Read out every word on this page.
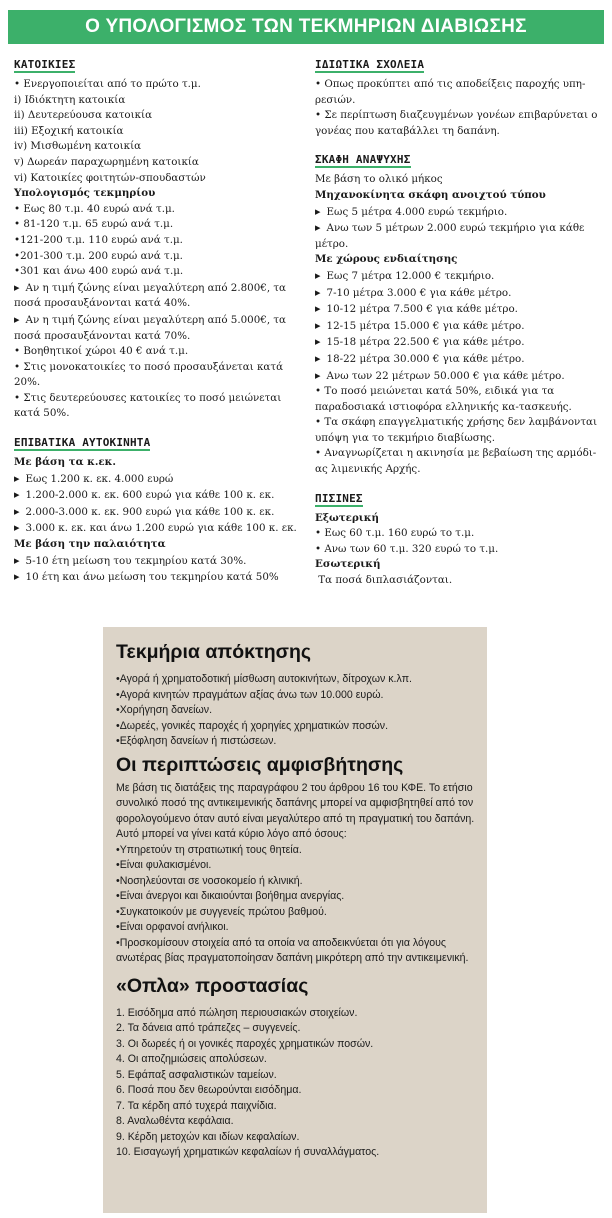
Ο ΥΠΟΛΟΓΙΣΜΟΣ ΤΩΝ ΤΕΚΜΗΡΙΩΝ ΔΙΑΒΙΩΣΗΣ
ΚΑΤΟΙΚΙΕΣ
• Ενεργοποιείται από το πρώτο τ.μ.
i) Ιδιόκτητη κατοικία
ii) Δευτερεύουσα κατοικία
iii) Εξοχική κατοικία
iv) Μισθωμένη κατοικία
v) Δωρεάν παραχωρημένη κατοικία
vi) Κατοικίες φοιτητών-σπουδαστών
Υπολογισμός τεκμηρίου
• Εως 80 τ.μ. 40 ευρώ ανά τ.μ.
• 81-120 τ.μ. 65 ευρώ ανά τ.μ.
•121-200 τ.μ. 110 ευρώ ανά τ.μ.
•201-300 τ.μ. 200 ευρώ ανά τ.μ.
•301 και άνω 400 ευρώ ανά τ.μ.
▸ Αν η τιμή ζώνης είναι μεγαλύτερη από 2.800€, τα ποσά προσαυξάνονται κατά 40%.
▸ Αν η τιμή ζώνης είναι μεγαλύτερη από 5.000€, τα ποσά προσαυξάνονται κατά 70%.
• Βοηθητικοί χώροι 40 € ανά τ.μ.
• Στις μονοκατοικίες το ποσό προσαυξάνεται κατά 20%.
• Στις δευτερεύουσες κατοικίες το ποσό μειώνεται κατά 50%.
ΕΠΙΒΑΤΙΚΑ ΑΥΤΟΚΙΝΗΤΑ
Με βάση τα κ.εκ.
▸ Εως 1.200 κ. εκ. 4.000 ευρώ
▸ 1.200-2.000 κ. εκ. 600 ευρώ για κάθε 100 κ. εκ.
▸ 2.000-3.000 κ. εκ. 900 ευρώ για κάθε 100 κ. εκ.
▸ 3.000 κ. εκ. και άνω 1.200 ευρώ για κάθε 100 κ. εκ.
Με βάση την παλαιότητα
▸ 5-10 έτη μείωση του τεκμηρίου κατά 30%.
▸ 10 έτη και άνω μείωση του τεκμηρίου κατά 50%
ΙΔΙΩΤΙΚΑ ΣΧΟΛΕΙΑ
• Οπως προκύπτει από τις αποδείξεις παροχής υπη-ρεσιών.
• Σε περίπτωση διαζευγμένων γονέων επιβαρύνεται ο γονέας που καταβάλλει τη δαπάνη.
ΣΚΑΦΗ ΑΝΑΨΥΧΗΣ
Με βάση το ολικό μήκος
Μηχανοκίνητα σκάφη ανοιχτού τύπου
▸ Εως 5 μέτρα 4.000 ευρώ τεκμήριο.
▸ Ανω των 5 μέτρων 2.000 ευρώ τεκμήριο για κάθε μέτρο.
Με χώρους ενδιαίτησης
▸ Εως 7 μέτρα 12.000 € τεκμήριο.
▸ 7-10 μέτρα 3.000 € για κάθε μέτρο.
▸ 10-12 μέτρα 7.500 € για κάθε μέτρο.
▸ 12-15 μέτρα 15.000 € για κάθε μέτρο.
▸ 15-18 μέτρα 22.500 € για κάθε μέτρο.
▸ 18-22 μέτρα 30.000 € για κάθε μέτρο.
▸ Ανω των 22 μέτρων 50.000 € για κάθε μέτρο.
• Το ποσό μειώνεται κατά 50%, ειδικά για τα παραδοσιακά ιστιοφόρα ελληνικής κα-τασκευής.
• Τα σκάφη επαγγελματικής χρήσης δεν λαμβάνονται υπόψη για το τεκμήριο διαβίωσης.
• Αναγνωρίζεται η ακινησία με βεβαίωση της αρμόδι-ας λιμενικής Αρχής.
ΠΙΣΙΝΕΣ
Εξωτερική
• Εως 60 τ.μ. 160 ευρώ το τ.μ.
• Ανω των 60 τ.μ. 320 ευρώ το τ.μ.
Εσωτερική
Τα ποσά διπλασιάζονται.
Τεκμήρια απόκτησης
•Αγορά ή χρηματοδοτική μίσθωση αυτοκινήτων, δίτροχων κ.λπ.
•Αγορά κινητών πραγμάτων αξίας άνω των 10.000 ευρώ.
•Χορήγηση δανείων.
•Δωρεές, γονικές παροχές ή χορηγίες χρηματικών ποσών.
•Εξόφληση δανείων ή πιστώσεων.
Οι περιπτώσεις αμφισβήτησης
Με βάση τις διατάξεις της παραγράφου 2 του άρθρου 16 του ΚΦΕ. Το ετήσιο συνολικό ποσό της αντικειμενικής δαπάνης μπορεί να αμφισβητηθεί από τον φορολογούμενο όταν αυτό είναι μεγαλύτερο από τη πραγματική του δαπάνη.
Αυτό μπορεί να γίνει κατά κύριο λόγο από όσους:
•Υπηρετούν τη στρατιωτική τους θητεία.
•Είναι φυλακισμένοι.
•Νοσηλεύονται σε νοσοκομείο ή κλινική.
•Είναι άνεργοι και δικαιούνται βοήθημα ανεργίας.
•Συγκατοικούν με συγγενείς πρώτου βαθμού.
•Είναι ορφανοί ανήλικοι.
•Προσκομίσουν στοιχεία από τα οποία να αποδεικνύεται ότι για λόγους ανωτέρας βίας πραγματοποίησαν δαπάνη μικρότερη από την αντικειμενική.
«Οπλα» προστασίας
1. Εισόδημα από πώληση περιουσιακών στοιχείων.
2. Τα δάνεια από τράπεζες – συγγενείς.
3. Οι δωρεές ή οι γονικές παροχές χρηματικών ποσών.
4. Οι αποζημιώσεις απολύσεων.
5. Εφάπαξ ασφαλιστικών ταμείων.
6. Ποσά που δεν θεωρούνται εισόδημα.
7. Τα κέρδη από τυχερά παιχνίδια.
8. Αναλωθέντα κεφάλαια.
9. Κέρδη μετοχών και ιδίων κεφαλαίων.
10. Εισαγωγή χρηματικών κεφαλαίων ή συναλλάγματος.
